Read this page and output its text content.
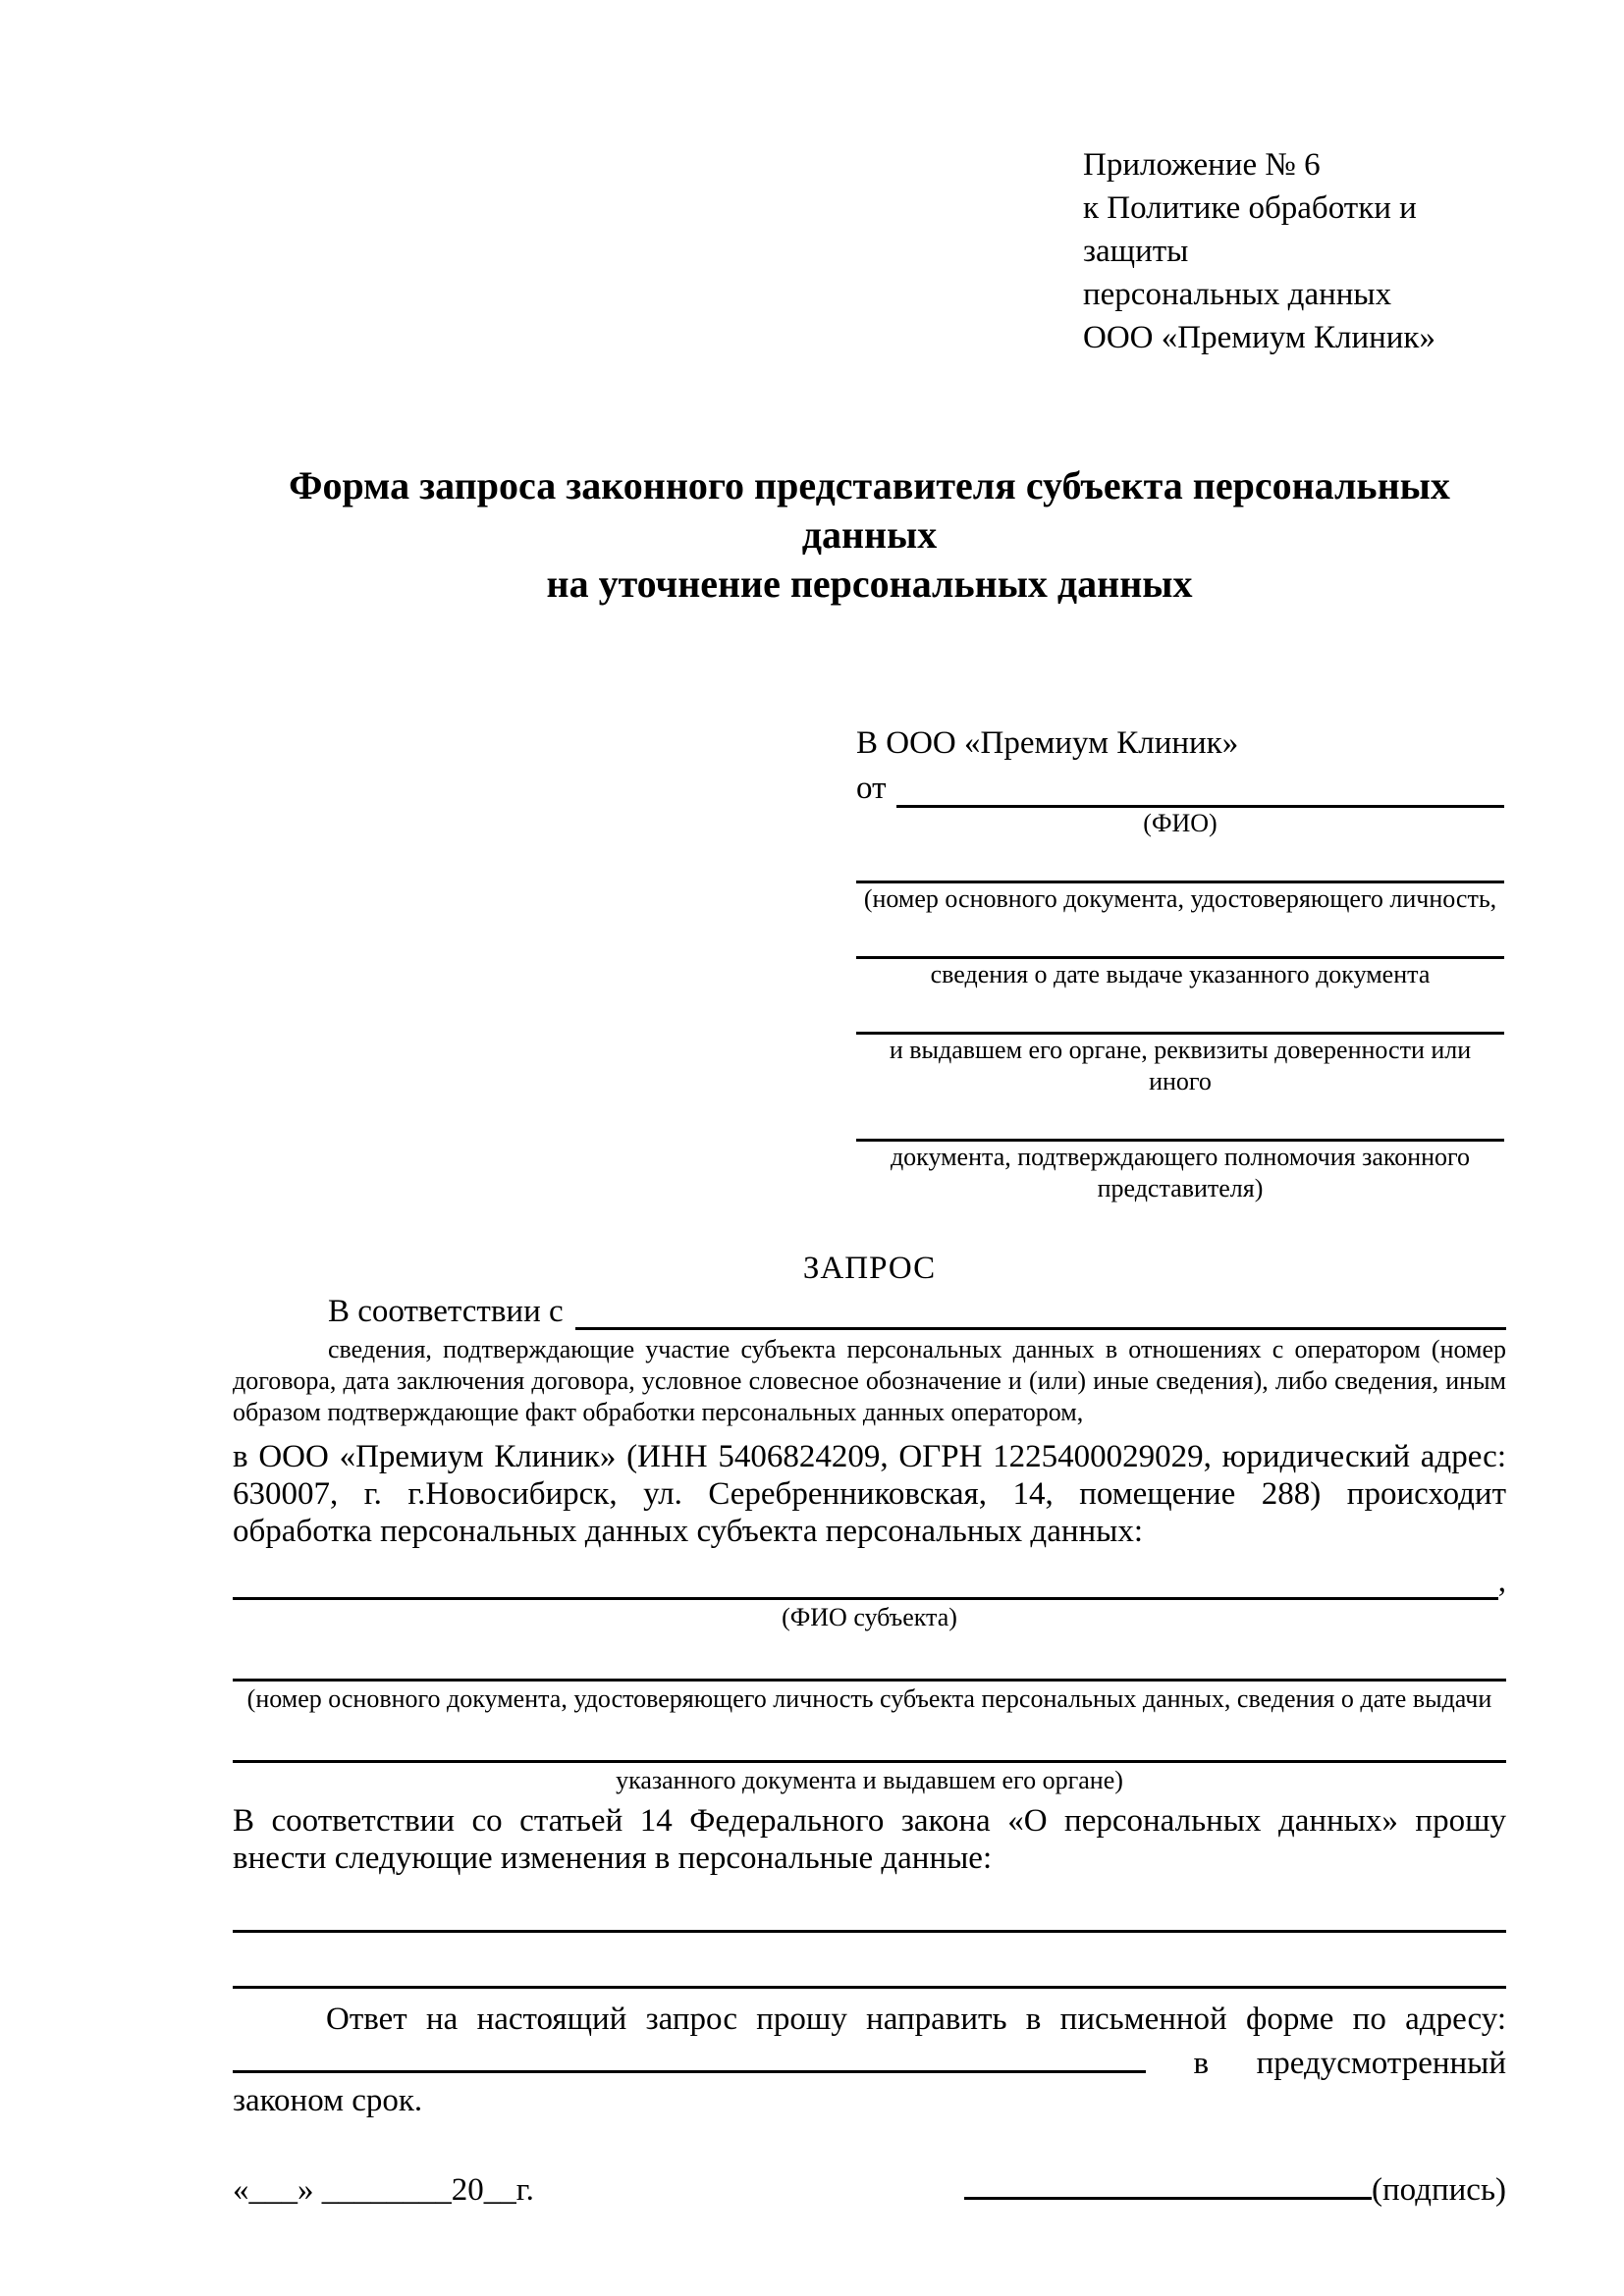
Приложение № 6
к Политике обработки и защиты
персональных данных
ООО «Премиум Клиник»
Форма запроса законного представителя субъекта персональных данных
на уточнение персональных данных
В ООО «Премиум Клиник»
от
(ФИО)
(номер основного документа, удостоверяющего личность,
сведения о дате выдаче указанного документа
и выдавшем его органе, реквизиты доверенности или иного
документа, подтверждающего полномочия законного представителя)
ЗАПРОС
В соответствии с
сведения, подтверждающие участие субъекта персональных данных в отношениях с оператором (номер договора, дата заключения договора, условное словесное обозначение и (или) иные сведения), либо сведения, иным образом подтверждающие факт обработки персональных данных оператором,
в ООО «Премиум Клиник» (ИНН 5406824209, ОГРН 1225400029029, юридический адрес: 630007, г. г.Новосибирск, ул. Серебренниковская, 14, помещение 288) происходит обработка персональных данных субъекта персональных данных:
,
(ФИО субъекта)
(номер основного документа, удостоверяющего личность субъекта персональных данных, сведения о дате выдачи
указанного документа и выдавшем его органе)
В соответствии со статьей 14 Федерального закона «О персональных данных» прошу внести следующие изменения в персональные данные:
Ответ на настоящий запрос прошу направить в письменной форме по адресу:  в предусмотренный законом срок.
«___» ________20__г.	(подпись)
